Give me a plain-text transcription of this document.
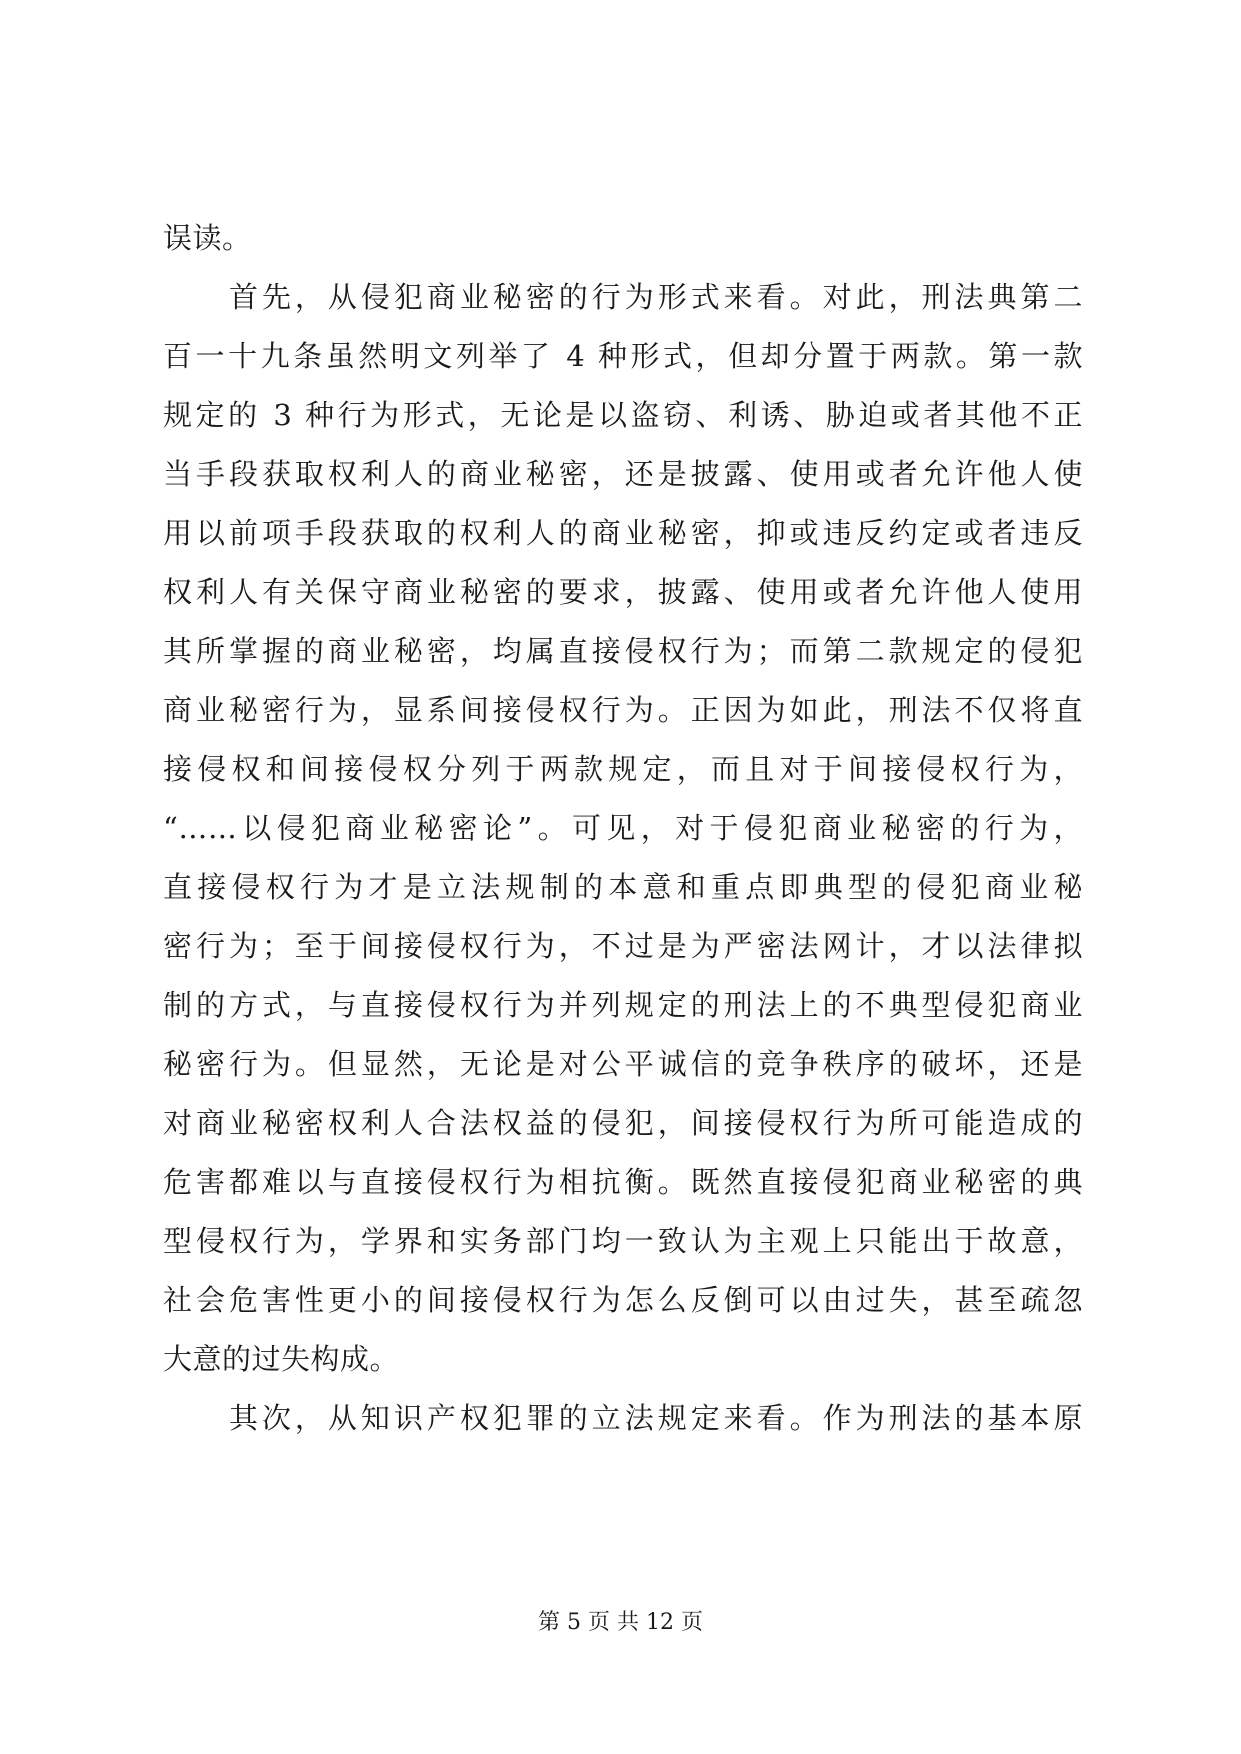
误读。
　　首先，从侵犯商业秘密的行为形式来看。对此，刑法典第二
百一十九条虽然明文列举了 4 种形式，但却分置于两款。第一款
规定的 3 种行为形式，无论是以盗窃、利诱、胁迫或者其他不正
当手段获取权利人的商业秘密，还是披露、使用或者允许他人使
用以前项手段获取的权利人的商业秘密，抑或违反约定或者违反
权利人有关保守商业秘密的要求，披露、使用或者允许他人使用
其所掌握的商业秘密，均属直接侵权行为；而第二款规定的侵犯
商业秘密行为，显系间接侵权行为。正因为如此，刑法不仅将直
接侵权和间接侵权分列于两款规定，而且对于间接侵权行为，
“……以侵犯商业秘密论”。可见，对于侵犯商业秘密的行为，
直接侵权行为才是立法规制的本意和重点即典型的侵犯商业秘
密行为；至于间接侵权行为，不过是为严密法网计，才以法律拟
制的方式，与直接侵权行为并列规定的刑法上的不典型侵犯商业
秘密行为。但显然，无论是对公平诚信的竞争秩序的破坏，还是
对商业秘密权利人合法权益的侵犯，间接侵权行为所可能造成的
危害都难以与直接侵权行为相抗衡。既然直接侵犯商业秘密的典
型侵权行为，学界和实务部门均一致认为主观上只能出于故意，
社会危害性更小的间接侵权行为怎么反倒可以由过失，甚至疏忽
大意的过失构成。
　　其次，从知识产权犯罪的立法规定来看。作为刑法的基本原
第 5 页 共 12 页
